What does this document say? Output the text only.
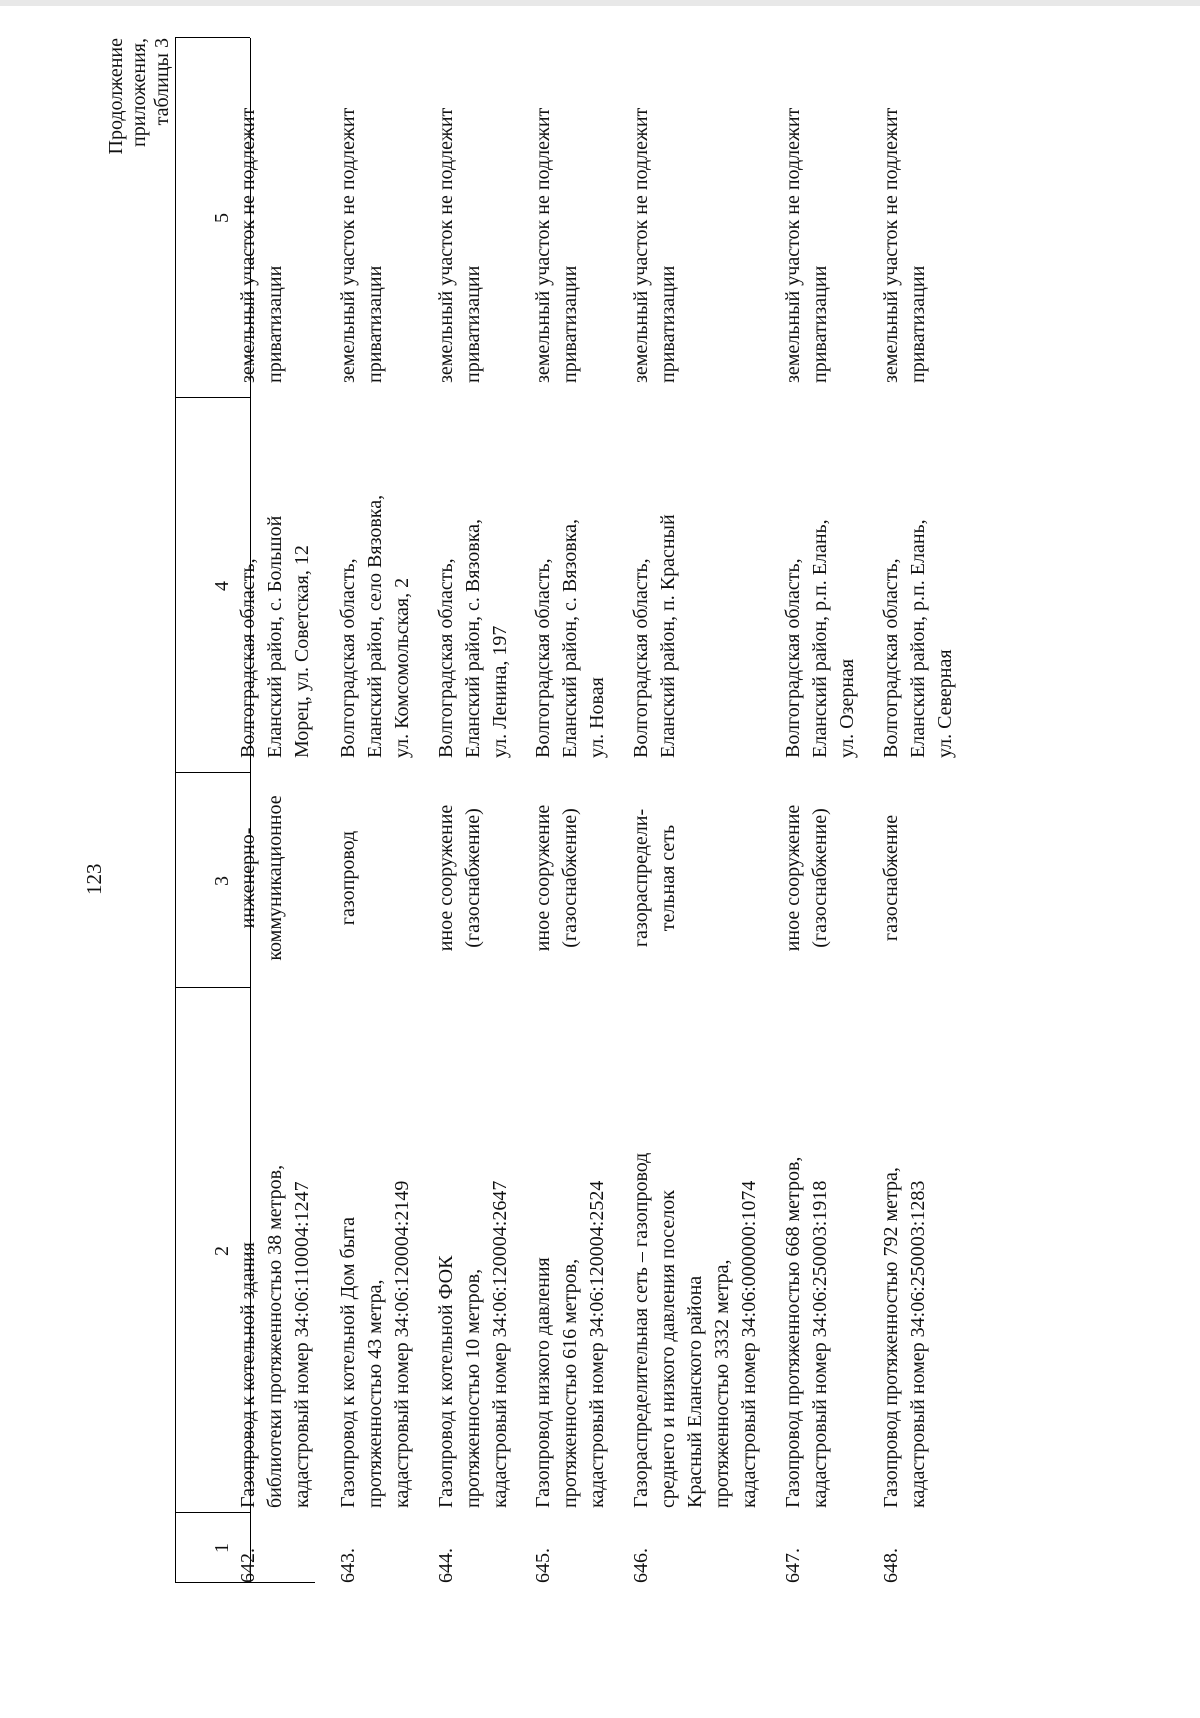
123
Продолжение приложения, таблицы 3
1
2
3
4
5
642.
Газопровод к котельной здания библиотеки протяженностью 38 метров, кадастровый номер 34:06:110004:1247
инженерно- коммуникационное
Волгоградская область, Еланский район, с. Большой Морец, ул. Советская, 12
земельный участок не подлежит приватизации
643.
Газопровод к котельной Дом быта протяженностью 43 метра, кадастровый номер 34:06:120004:2149
газопровод
Волгоградская область, Еланский район, село Вязовка, ул. Комсомольская, 2
земельный участок не подлежит приватизации
644.
Газопровод к котельной ФОК протяженностью 10 метров, кадастровый номер 34:06:120004:2647
иное сооружение (газоснабжение)
Волгоградская область, Еланский район, с. Вязовка, ул. Ленина, 197
земельный участок не подлежит приватизации
645.
Газопровод низкого давления протяженностью 616 метров, кадастровый номер 34:06:120004:2524
иное сооружение (газоснабжение)
Волгоградская область, Еланский район, с. Вязовка, ул. Новая
земельный участок не подлежит приватизации
646.
Газораспределительная сеть – газопровод среднего и низкого давления поселок Красный Еланского района протяженностью 3332 метра, кадастровый номер 34:06:000000:1074
газораспредели- тельная сеть
Волгоградская область, Еланский район, п. Красный
земельный участок не подлежит приватизации
647.
Газопровод протяженностью 668 метров, кадастровый номер 34:06:250003:1918
иное сооружение (газоснабжение)
Волгоградская область, Еланский район, р.п. Елань, ул. Озерная
земельный участок не подлежит приватизации
648.
Газопровод протяженностью 792 метра, кадастровый номер 34:06:250003:1283
газоснабжение
Волгоградская область, Еланский район, р.п. Елань, ул. Северная
земельный участок не подлежит приватизации
